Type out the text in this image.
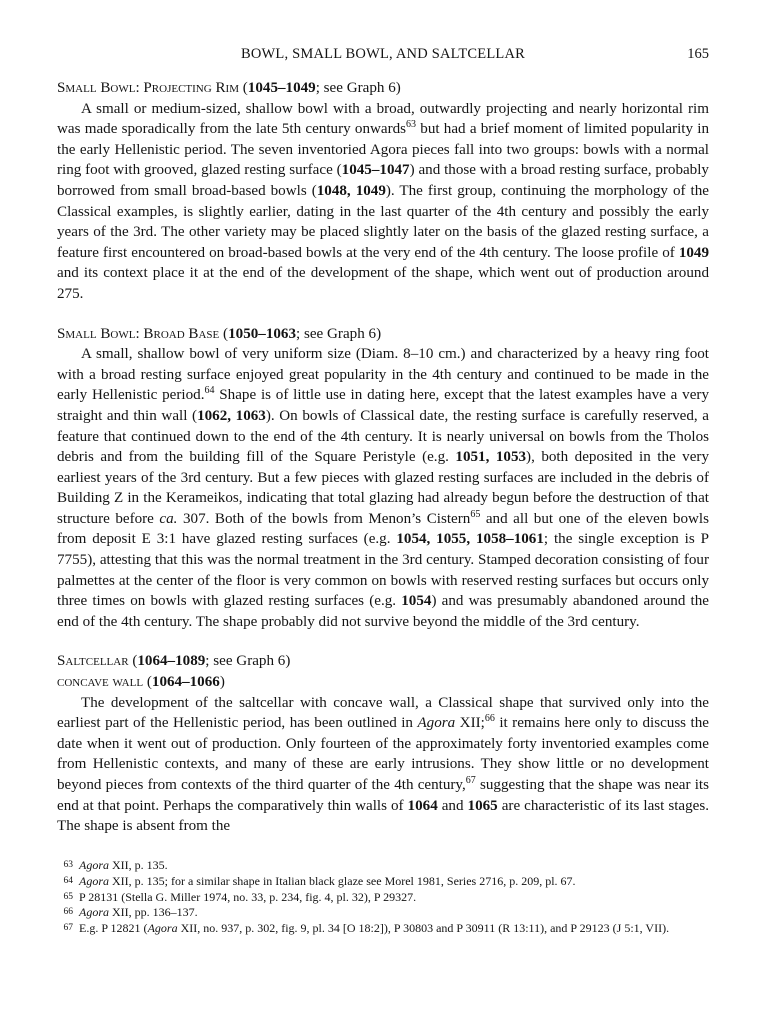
BOWL, SMALL BOWL, AND SALTCELLAR	165
Small Bowl: Projecting Rim (1045–1049; see Graph 6)

A small or medium-sized, shallow bowl with a broad, outwardly projecting and nearly horizontal rim was made sporadically from the late 5th century onwards$^{63}$ but had a brief moment of limited popularity in the early Hellenistic period. The seven inventoried Agora pieces fall into two groups: bowls with a normal ring foot with grooved, glazed resting surface (1045–1047) and those with a broad resting surface, probably borrowed from small broad-based bowls (1048, 1049). The first group, continuing the morphology of the Classical examples, is slightly earlier, dating in the last quarter of the 4th century and possibly the early years of the 3rd. The other variety may be placed slightly later on the basis of the glazed resting surface, a feature first encountered on broad-based bowls at the very end of the 4th century. The loose profile of 1049 and its context place it at the end of the development of the shape, which went out of production around 275.

Small Bowl: Broad Base (1050–1063; see Graph 6)

A small, shallow bowl of very uniform size (Diam. 8–10 cm.) and characterized by a heavy ring foot with a broad resting surface enjoyed great popularity in the 4th century and continued to be made in the early Hellenistic period.$^{64}$ Shape is of little use in dating here, except that the latest examples have a very straight and thin wall (1062, 1063). On bowls of Classical date, the resting surface is carefully reserved, a feature that continued down to the end of the 4th century. It is nearly universal on bowls from the Tholos debris and from the building fill of the Square Peristyle (e.g. 1051, 1053), both deposited in the very earliest years of the 3rd century. But a few pieces with glazed resting surfaces are included in the debris of Building Z in the Kerameikos, indicating that total glazing had already begun before the destruction of that structure before ca. 307. Both of the bowls from Menon’s Cistern$^{65}$ and all but one of the eleven bowls from deposit E 3:1 have glazed resting surfaces (e.g. 1054, 1055, 1058–1061; the single exception is P 7755), attesting that this was the normal treatment in the 3rd century. Stamped decoration consisting of four palmettes at the center of the floor is very common on bowls with reserved resting surfaces but occurs only three times on bowls with glazed resting surfaces (e.g. 1054) and was presumably abandoned around the end of the 4th century. The shape probably did not survive beyond the middle of the 3rd century.

Saltcellar (1064–1089; see Graph 6)
concave wall (1064–1066)

The development of the saltcellar with concave wall, a Classical shape that survived only into the earliest part of the Hellenistic period, has been outlined in Agora XII;$^{66}$ it remains here only to discuss the date when it went out of production. Only fourteen of the approximately forty inventoried examples come from Hellenistic contexts, and many of these are early intrusions. They show little or no development beyond pieces from contexts of the third quarter of the 4th century,$^{67}$ suggesting that the shape was near its end at that point. Perhaps the comparatively thin walls of 1064 and 1065 are characteristic of its last stages. The shape is absent from the

63 Agora XII, p. 135.
64 Agora XII, p. 135; for a similar shape in Italian black glaze see Morel 1981, Series 2716, p. 209, pl. 67.
65 P 28131 (Stella G. Miller 1974, no. 33, p. 234, fig. 4, pl. 32), P 29327.
66 Agora XII, pp. 136–137.
67 E.g. P 12821 (Agora XII, no. 937, p. 302, fig. 9, pl. 34 [O 18:2]), P 30803 and P 30911 (R 13:11), and P 29123 (J 5:1, VII).
